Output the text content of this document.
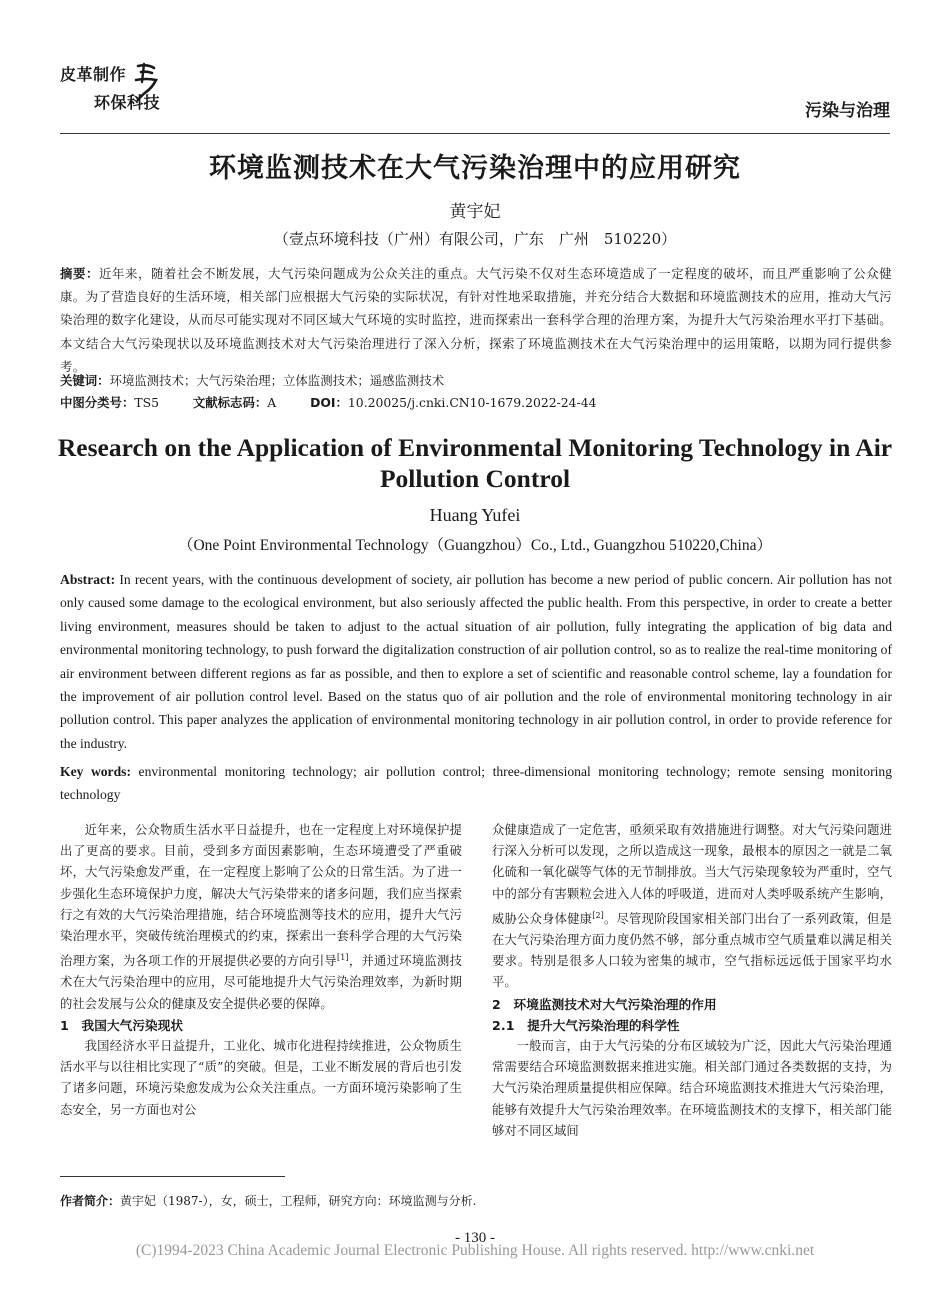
皮革制作
环保科技	污染与治理
环境监测技术在大气污染治理中的应用研究
黄宇妃
（壹点环境科技（广州）有限公司，广东　广州　510220）
摘要：近年来，随着社会不断发展，大气污染问题成为公众关注的重点。大气污染不仅对生态环境造成了一定程度的破坏，而且严重影响了公众健康。为了营造良好的生活环境，相关部门应根据大气污染的实际状况，有针对性地采取措施，并充分结合大数据和环境监测技术的应用，推动大气污染治理的数字化建设，从而尽可能实现对不同区域大气环境的实时监控，进而探索出一套科学合理的治理方案，为提升大气污染治理水平打下基础。本文结合大气污染现状以及环境监测技术对大气污染治理进行了深入分析，探索了环境监测技术在大气污染治理中的运用策略，以期为同行提供参考。
关键词：环境监测技术；大气污染治理；立体监测技术；遥感监测技术
中图分类号：TS5	文献标志码：A	DOI：10.20025/j.cnki.CN10-1679.2022-24-44
Research on the Application of Environmental Monitoring Technology in Air Pollution Control
Huang Yufei
（One Point Environmental Technology（Guangzhou）Co., Ltd., Guangzhou 510220,China）
Abstract: In recent years, with the continuous development of society, air pollution has become a new period of public concern. Air pollution has not only caused some damage to the ecological environment, but also seriously affected the public health. From this perspective, in order to create a better living environment, measures should be taken to adjust to the actual situation of air pollution, fully integrating the application of big data and environmental monitoring technology, to push forward the digitalization construction of air pollution control, so as to realize the real-time monitoring of air environment between different regions as far as possible, and then to explore a set of scientific and reasonable control scheme, lay a foundation for the improvement of air pollution control level. Based on the status quo of air pollution and the role of environmental monitoring technology in air pollution control. This paper analyzes the application of environmental monitoring technology in air pollution control, in order to provide reference for the industry.
Key words: environmental monitoring technology; air pollution control; three-dimensional monitoring technology; remote sensing monitoring technology

近年来，公众物质生活水平日益提升，也在一定程度上对环境保护提出了更高的要求。目前，受到多方面因素影响，生态环境遭受了严重破坏，大气污染愈发严重，在一定程度上影响了公众的日常生活。为了进一步强化生态环境保护力度，解决大气污染带来的诸多问题，我们应当探索行之有效的大气污染治理措施，结合环境监测等技术的应用，提升大气污染治理水平，突破传统治理模式的约束，探索出一套科学合理的大气污染治理方案，为各项工作的开展提供必要的方向引导[1]，并通过环境监测技术在大气污染治理中的应用，尽可能地提升大气污染治理效率，为新时期的社会发展与公众的健康及安全提供必要的保障。

1　我国大气污染现状

我国经济水平日益提升，工业化、城市化进程持续推进，公众物质生活水平与以往相比实现了“质”的突破。但是，工业不断发展的背后也引发了诸多问题，环境污染愈发成为公众关注重点。一方面环境污染影响了生态安全，另一方面也对公

众健康造成了一定危害，亟须采取有效措施进行调整。对大气污染问题进行深入分析可以发现，之所以造成这一现象，最根本的原因之一就是二氧化硫和一氧化碳等气体的无节制排放。当大气污染现象较为严重时，空气中的部分有害颗粒会进入人体的呼吸道，进而对人类呼吸系统产生影响，威胁公众身体健康[2]。尽管现阶段国家相关部门出台了一系列政策，但是在大气污染治理方面力度仍然不够，部分重点城市空气质量难以满足相关要求。特别是很多人口较为密集的城市，空气指标远远低于国家平均水平。

2　环境监测技术对大气污染治理的作用

2.1　提升大气污染治理的科学性

一般而言，由于大气污染的分布区域较为广泛，因此大气污染治理通常需要结合环境监测数据来推进实施。相关部门通过各类数据的支持，为大气污染治理质量提供相应保障。结合环境监测技术推进大气污染治理，能够有效提升大气污染治理效率。在环境监测技术的支撑下，相关部门能够对不同区域间

作者简介：黄宇妃（1987-），女，硕士，工程师，研究方向：环境监测与分析.
- 130 -
(C)1994-2023 China Academic Journal Electronic Publishing House. All rights reserved. http://www.cnki.net
